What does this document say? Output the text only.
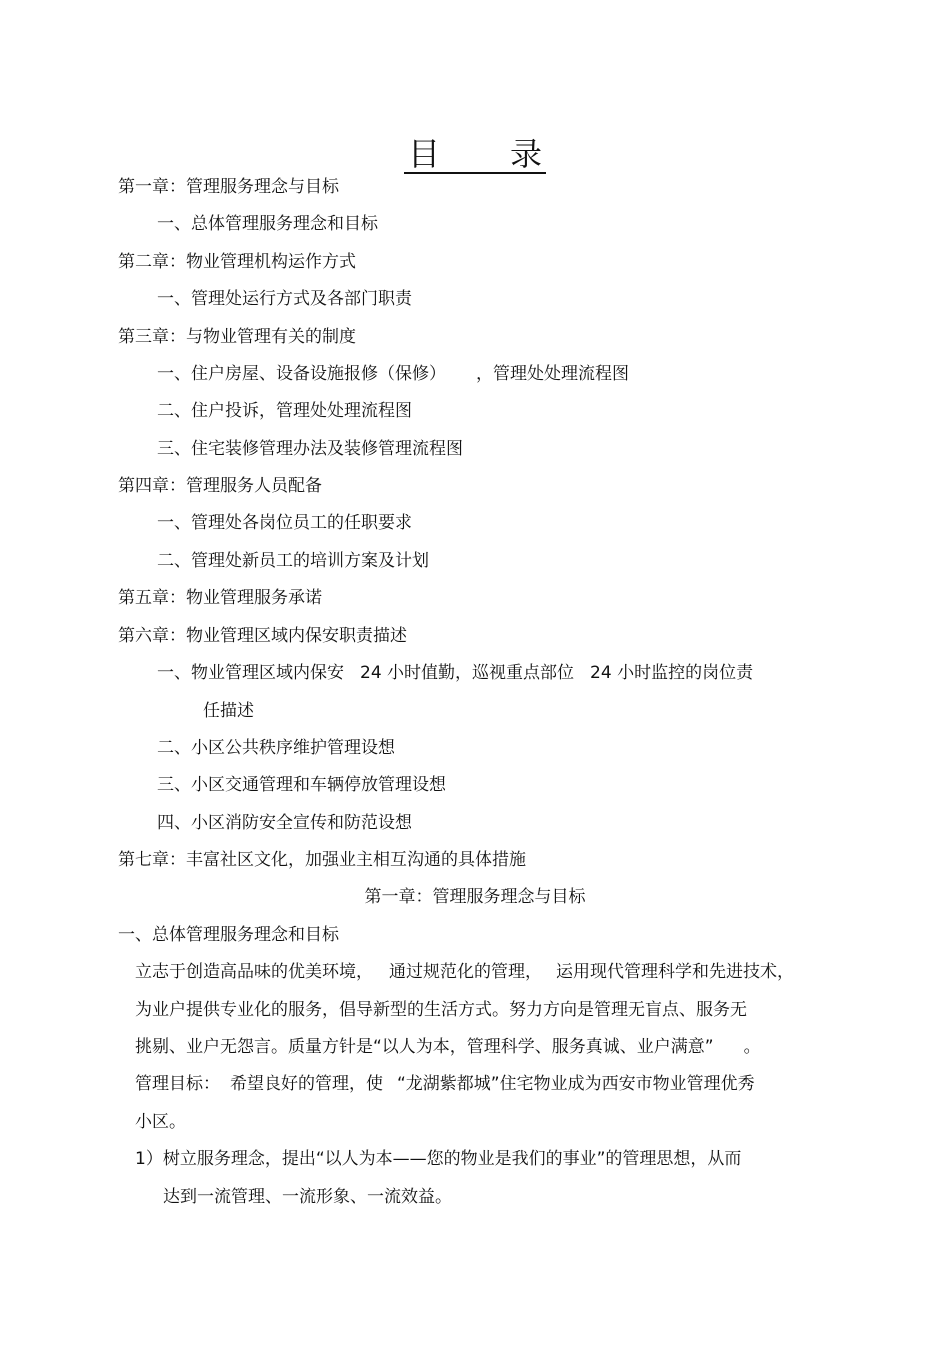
目 录
第一章：管理服务理念与目标
一、总体管理服务理念和目标
第二章：物业管理机构运作方式
一、管理处运行方式及各部门职责
第三章：与物业管理有关的制度
一、住户房屋、设备设施报修（保修） ，管理处处理流程图
二、住户投诉，管理处处理流程图
三、住宅装修管理办法及装修管理流程图
第四章：管理服务人员配备
一、管理处各岗位员工的任职要求
二、管理处新员工的培训方案及计划
第五章：物业管理服务承诺
第六章：物业管理区域内保安职责描述
一、物业管理区域内保安 24 小时值勤，巡视重点部位 24 小时监控的岗位责
任描述
二、小区公共秩序维护管理设想
三、小区交通管理和车辆停放管理设想
四、小区消防安全宣传和防范设想
第七章：丰富社区文化，加强业主相互沟通的具体措施
第一章：管理服务理念与目标
一、总体管理服务理念和目标
立志于创造高品味的优美环境， 通过规范化的管理， 运用现代管理科学和先进技术，
为业户提供专业化的服务，倡导新型的生活方式。努力方向是管理无盲点、服务无
挑剔、业户无怨言。质量方针是“以人为本，管理科学、服务真诚、业户满意” 。
管理目标： 希望良好的管理，使 “龙湖紫都城”住宅物业成为西安市物业管理优秀
小区。
1）树立服务理念，提出“以人为本——您的物业是我们的事业”的管理思想，从而
达到一流管理、一流形象、一流效益。
